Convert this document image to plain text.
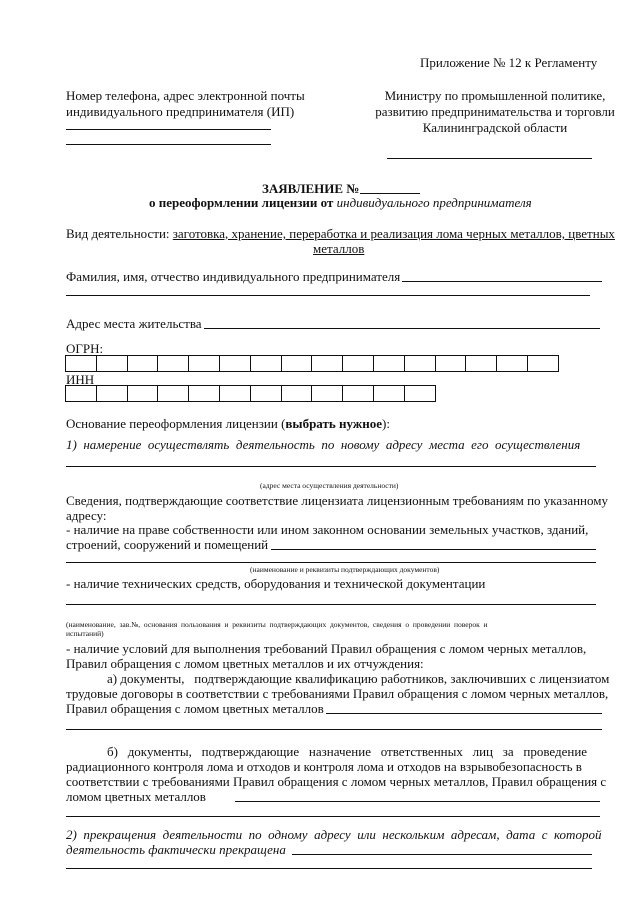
Приложение № 12 к Регламенту
Номер телефона, адрес электронной почты
индивидуального предпринимателя (ИП)
Министру по промышленной политике,
развитию предпринимательства и торговли
Калининградской области
ЗАЯВЛЕНИЕ №
о переоформлении лицензии от индивидуального предпринимателя
Вид деятельности: заготовка, хранение, переработка и реализация лома черных металлов, цветных
металлов
Фамилия, имя, отчество индивидуального предпринимателя
Адрес места жительства
ОГРН:
ИНН
Основание переоформления лицензии (выбрать нужное):
1)  намерение  осуществлять  деятельность  по  новому  адресу  места  его  осуществления
(адрес места осуществления деятельности)
Сведения, подтверждающие соответствие лицензиата лицензионным требованиям по указанному
адресу:
- наличие на праве собственности или ином законном основании земельных участков, зданий,
строений, сооружений и помещений
(наименование и реквизиты подтверждающих документов)
- наличие технических средств, оборудования и технической документации
(наименование,  зав.№,  основания  пользования  и  реквизиты  подтверждающих  документов,  сведения  о  проведении  поверок  и
испытаний)
- наличие условий для выполнения требований Правил обращения с ломом черных металлов,
Правил обращения с ломом цветных металлов и их отчуждения:
а) документы,   подтверждающие квалификацию работников, заключивших с лицензиатом
трудовые договоры в соответствии с требованиями Правил обращения с ломом черных металлов,
Правил обращения с ломом цветных металлов
б)   документы,   подтверждающие   назначение   ответственных   лиц   за   проведение
радиационного контроля лома и отходов и контроля лома и отходов на взрывобезопасность в
соответствии с требованиями Правил обращения с ломом черных металлов, Правил обращения с
ломом цветных металлов
2)  прекращения  деятельности  по  одному  адресу  или  нескольким  адресам,  дата  с  которой
деятельность фактически прекращена
